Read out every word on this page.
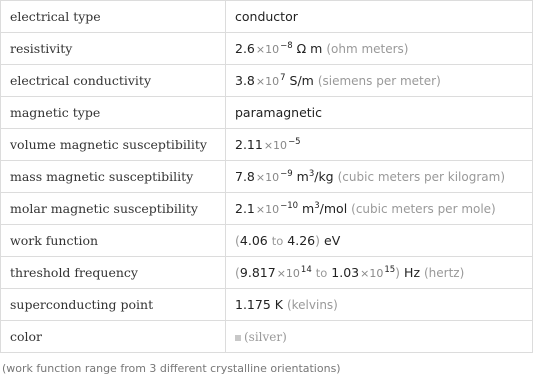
electrical type	conductor
resistivity	$2.6\times 10^{-8}$ Ω m (ohm meters)
electrical conductivity	$3.8\times 10^7$ S/m (siemens per meter)
magnetic type	paramagnetic
volume magnetic susceptibility	$2.11\times 10^{-5}$
mass magnetic susceptibility	$7.8\times 10^{-9}$ $m^3/kg$ (cubic meters per kilogram)
molar magnetic susceptibility	$2.1\times 10^{-10}$ $m^3$/mol (cubic meters per mole)
work function	(4.06 to 4.26) eV
threshold frequency	($9.817\times 10^{14}$ to $1.03\times 10^{15}$) Hz (hertz)
superconducting point	1.175 K (kelvins)
color	(silver)
(work function range from 3 different crystalline orientations)
